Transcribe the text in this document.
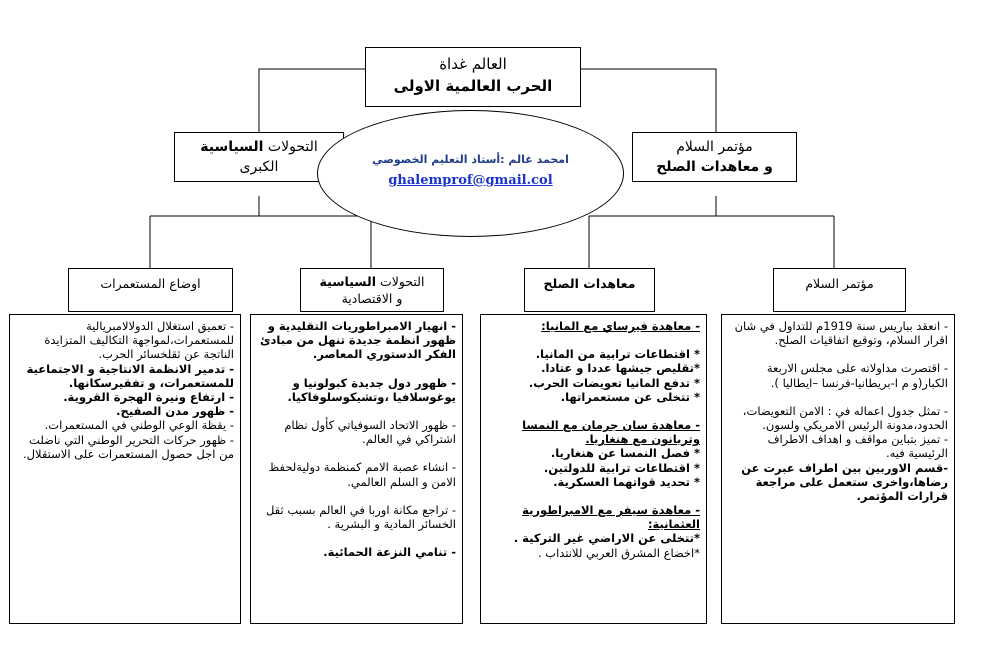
العالم غداة
الحرب العالمية الاولى
التحولات السياسية
الكبرى
مؤتمر السلام
و معاهدات الصلح
امحمد غالم :أستاذ التعليم الخصوصي
ghalemprof@gmail.col
اوضاع المستعمرات	التحولات السياسية
و الاقتصادية
معاهدات الصلح	مؤتمر السلام

- تعميق استغلال الدولالامبريالية للمستعمرات،لمواجهة التكاليف المتزايدة الناتجة عن ثقلخسائر الحرب.

- تدمير الانظمة الانتاجية و الاجتماعية للمستعمرات، و تفقيرسكانها.

- ارتفاع ونيرة الهجرة القروية.

- ظهور مدن الصفيح.

- يقظة الوعي الوطني في المستعمرات.

- ظهور حركات التحرير الوطني التي ناضلت من اجل حصول المستعمرات على الاستقلال.

- انهيار الامبراطوريات التقليدية و ظهور انظمة جديدة تنهل من مبادئ الفكر الدستوري المعاصر.

- ظهور دول جديدة كبولونيا و يوغوسلافيا ،وتشيكوسلوفاكيا.

- ظهور الاتحاد السوفياتي كأول نظام اشتراكي في العالم.

- انشاء عصبة الامم كمنظمة دوليةلحفظ الامن و السلم العالمي.

- تراجع مكانة اوربا في العالم بسبب ثقل الخسائر المادية و البشرية .

- تنامي النزعة الحمائية.

- معاهدة فيرساي مع المانيا:

* اقتطاعات ترابية من المانيا.

*تقليص جيشها عددا و عتادا.

* تدفع المانيا تعويضات الحرب.

* تتخلى عن مستعمراتها.

- معاهدة سان جرمان مع النمسا وتريانون مع هنغاريا.

* فصل النمسا عن هنغاريا.

* اقتطاعات ترابية للدولتين.

* تحديد قواتهما العسكرية.

- معاهدة سيفر مع الامبراطورية العثمانية:

*تتخلى عن الاراضي غير التركية .

*اخضاع المشرق العربي للانتداب .

- انعقد بباريس سنة 1919م للتداول في شان اقرار السلام، وتوقيع اتفاقيات الصلح.

- اقتصرت مداولاته على مجلس الاربعة الكبار(و م ا-بريطانيا-فرنسا –ايطاليا ).

- تمثل جدول اعماله في : الامن التعويضات، الحدود،مدونة الرئيس الامريكي ولسون.

- تميز بتباين مواقف و اهداف الاطراف الرئيسية فيه.

-قسم الاوربين بين اطراف عبرت عن رضاها،واخرى ستعمل على مراجعة قرارات المؤتمر.
